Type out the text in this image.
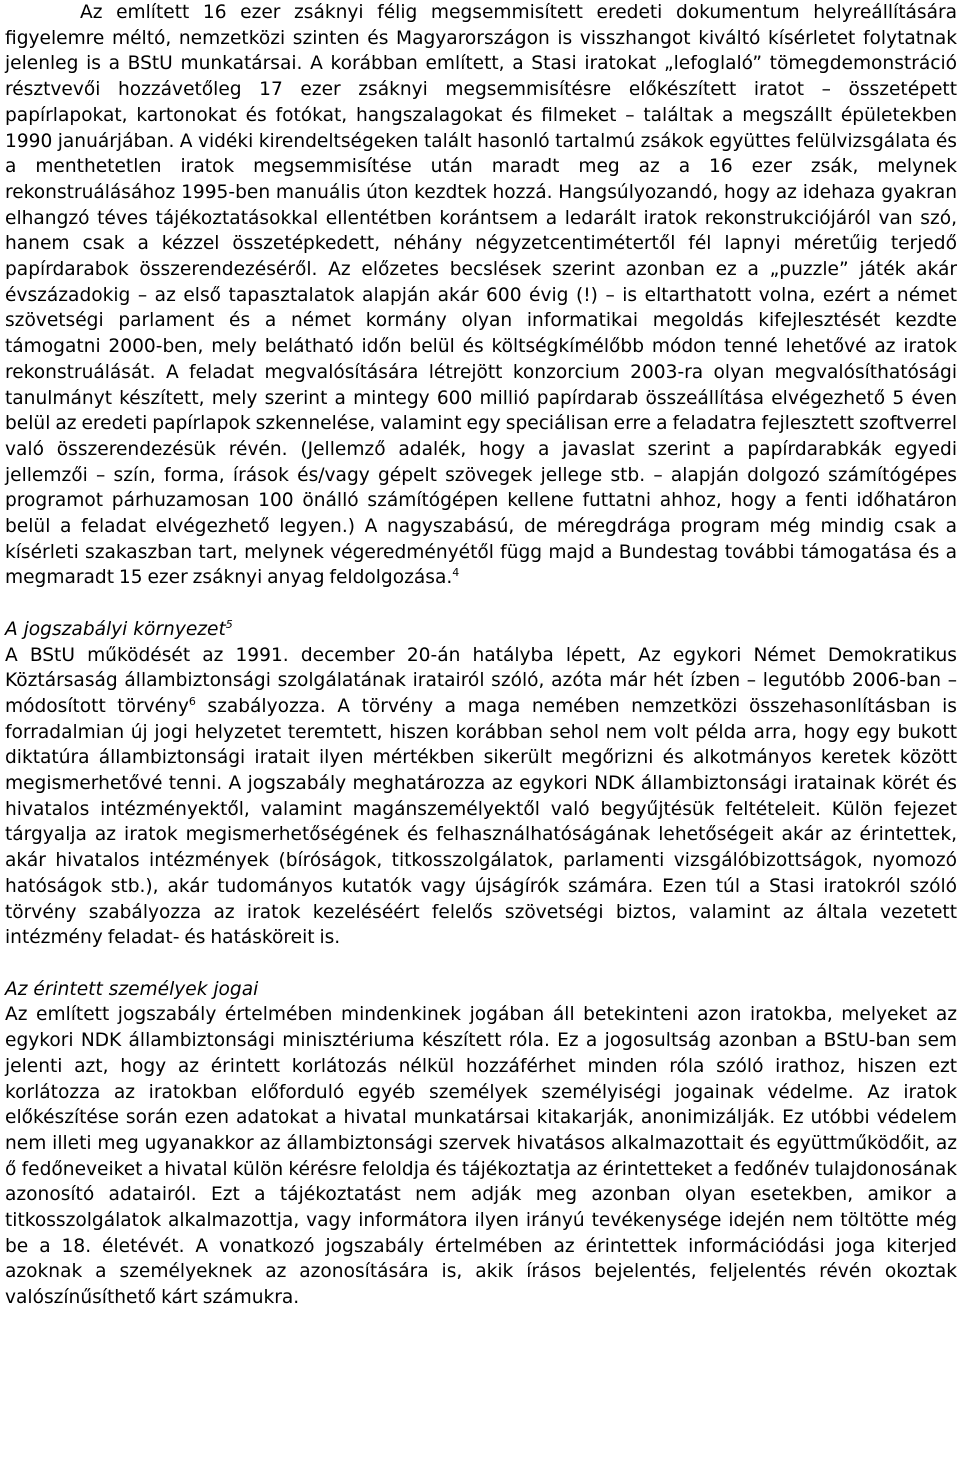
Az említett 16 ezer zsáknyi félig megsemmisített eredeti dokumentum helyreállítására figyelemre méltó, nemzetközi szinten és Magyarországon is visszhangot kiváltó kísérletet folytatnak jelenleg is a BStU munkatársai. A korábban említett, a Stasi iratokat „lefoglaló” tömegdemonstráció résztvevői hozzávetőleg 17 ezer zsáknyi megsemmisítésre előkészített iratot – összetépett papírlapokat, kartonokat és fotókat, hangszalagokat és filmeket – találtak a megszállt épületekben 1990 januárjában. A vidéki kirendeltségeken talált hasonló tartalmú zsákok együttes felülvizsgálata és a menthetetlen iratok megsemmisítése után maradt meg az a 16 ezer zsák, melynek rekonstruálásához 1995-ben manuális úton kezdtek hozzá. Hangsúlyozandó, hogy az idehaza gyakran elhangzó téves tájékoztatásokkal ellentétben korántsem a ledarált iratok rekonstrukciójáról van szó, hanem csak a kézzel összetépkedett, néhány négyzetcentimétertől fél lapnyi méretűig terjedő papírdarabok összerendezéséről. Az előzetes becslések szerint azonban ez a „puzzle” játék akár évszázadokig – az első tapasztalatok alapján akár 600 évig (!) – is eltarthatott volna, ezért a német szövetségi parlament és a német kormány olyan informatikai megoldás kifejlesztését kezdte támogatni 2000-ben, mely belátható időn belül és költségkímélőbb módon tenné lehetővé az iratok rekonstruálását. A feladat megvalósítására létrejött konzorcium 2003-ra olyan megvalósíthatósági tanulmányt készített, mely szerint a mintegy 600 millió papírdarab összeállítása elvégezhető 5 éven belül az eredeti papírlapok szkennelése, valamint egy speciálisan erre a feladatra fejlesztett szoftverrel való összerendezésük révén. (Jellemző adalék, hogy a javaslat szerint a papírdarabkák egyedi jellemzői – szín, forma, írások és/vagy gépelt szövegek jellege stb. – alapján dolgozó számítógépes programot párhuzamosan 100 önálló számítógépen kellene futtatni ahhoz, hogy a fenti időhatáron belül a feladat elvégezhető legyen.) A nagyszabású, de méregdrága program még mindig csak a kísérleti szakaszban tart, melynek végeredményétől függ majd a Bundestag további támogatása és a megmaradt 15 ezer zsáknyi anyag feldolgozása.$^4$

A jogszabályi környezet$^5$

A BStU működését az 1991. december 20-án hatályba lépett, Az egykori Német Demokratikus Köztársaság állambiztonsági szolgálatának iratairól szóló, azóta már hét ízben – legutóbb 2006-ban – módosított törvény$^6$ szabályozza. A törvény a maga nemében nemzetközi összehasonlításban is forradalmian új jogi helyzetet teremtett, hiszen korábban sehol nem volt példa arra, hogy egy bukott diktatúra állambiztonsági iratait ilyen mértékben sikerült megőrizni és alkotmányos keretek között megismerhetővé tenni. A jogszabály meghatározza az egykori NDK állambiztonsági iratainak körét és hivatalos intézményektől, valamint magánszemélyektől való begyűjtésük feltételeit. Külön fejezet tárgyalja az iratok megismerhetőségének és felhasználhatóságának lehetőségeit akár az érintettek, akár hivatalos intézmények (bíróságok, titkosszolgálatok, parlamenti vizsgálóbizottságok, nyomozó hatóságok stb.), akár tudományos kutatók vagy újságírók számára. Ezen túl a Stasi iratokról szóló törvény szabályozza az iratok kezeléséért felelős szövetségi biztos, valamint az általa vezetett intézmény feladat- és hatásköreit is.

Az érintett személyek jogai

Az említett jogszabály értelmében mindenkinek jogában áll betekinteni azon iratokba, melyeket az egykori NDK állambiztonsági minisztériuma készített róla. Ez a jogosultság azonban a BStU-ban sem jelenti azt, hogy az érintett korlátozás nélkül hozzáférhet minden róla szóló irathoz, hiszen ezt korlátozza az iratokban előforduló egyéb személyek személyiségi jogainak védelme. Az iratok előkészítése során ezen adatokat a hivatal munkatársai kitakarják, anonimizálják. Ez utóbbi védelem nem illeti meg ugyanakkor az állambiztonsági szervek hivatásos alkalmazottait és együttműködőit, az ő fedőneveiket a hivatal külön kérésre feloldja és tájékoztatja az érintetteket a fedőnév tulajdonosának azonosító adatairól. Ezt a tájékoztatást nem adják meg azonban olyan esetekben, amikor a titkosszolgálatok alkalmazottja, vagy informátora ilyen irányú tevékenysége idején nem töltötte még be a 18. életévét. A vonatkozó jogszabály értelmében az érintettek információdási joga kiterjed azoknak a személyeknek az azonosítására is, akik írásos bejelentés, feljelentés révén okoztak valószínűsíthető kárt számukra.
